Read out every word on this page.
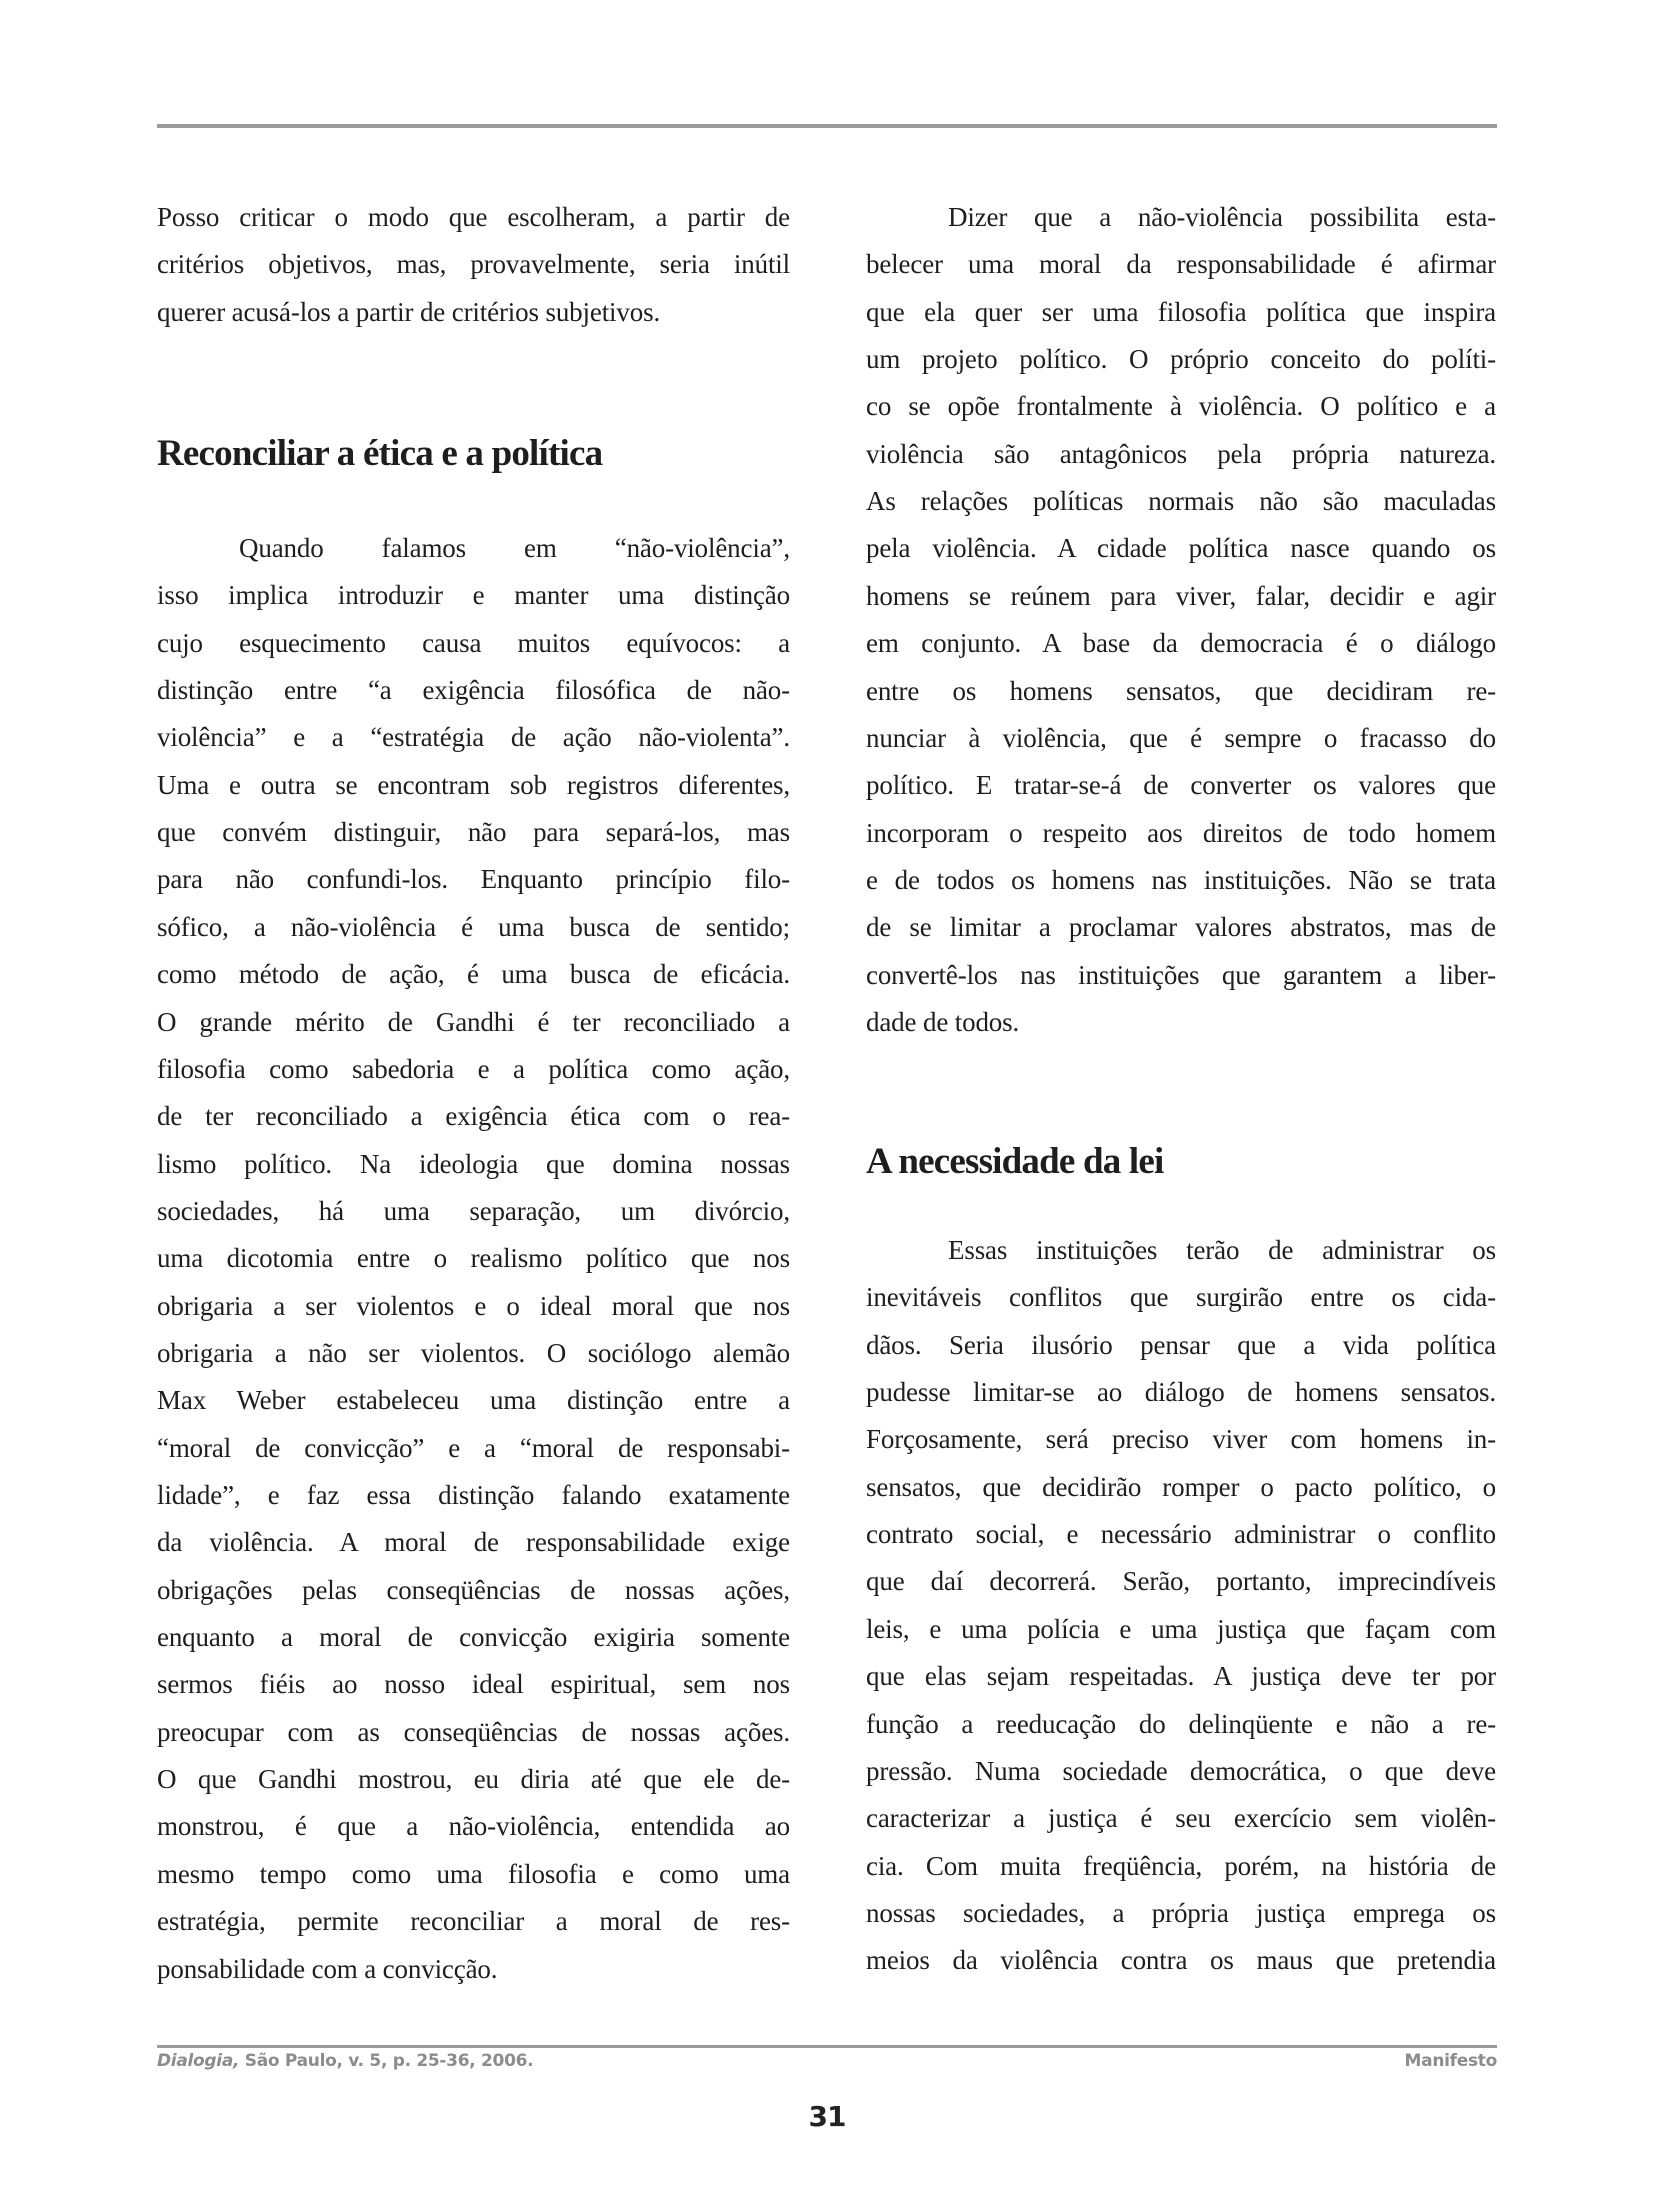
Posso criticar o modo que escolheram, a partir de
critérios objetivos, mas, provavelmente, seria inútil
querer acusá-los a partir de critérios subjetivos.
Reconciliar a ética e a política
Quando falamos em “não-violência”,
isso implica introduzir e manter uma distinção
cujo esquecimento causa muitos equívocos: a
distinção entre “a exigência filosófica de não-
violência” e a “estratégia de ação não-violenta”.
Uma e outra se encontram sob registros diferentes,
que convém distinguir, não para separá-los, mas
para não confundi-los. Enquanto princípio filo-
sófico, a não-violência é uma busca de sentido;
como método de ação, é uma busca de eficácia.
O grande mérito de Gandhi é ter reconciliado a
filosofia como sabedoria e a política como ação,
de ter reconciliado a exigência ética com o rea-
lismo político. Na ideologia que domina nossas
sociedades, há uma separação, um divórcio,
uma dicotomia entre o realismo político que nos
obrigaria a ser violentos e o ideal moral que nos
obrigaria a não ser violentos. O sociólogo alemão
Max Weber estabeleceu uma distinção entre a
“moral de convicção” e a “moral de responsabi-
lidade”, e faz essa distinção falando exatamente
da violência. A moral de responsabilidade exige
obrigações pelas conseqüências de nossas ações,
enquanto a moral de convicção exigiria somente
sermos fiéis ao nosso ideal espiritual, sem nos
preocupar com as conseqüências de nossas ações.
O que Gandhi mostrou, eu diria até que ele de-
monstrou, é que a não-violência, entendida ao
mesmo tempo como uma filosofia e como uma
estratégia, permite reconciliar a moral de res-
ponsabilidade com a convicção.
Dizer que a não-violência possibilita esta-
belecer uma moral da responsabilidade é afirmar
que ela quer ser uma filosofia política que inspira
um projeto político. O próprio conceito do políti-
co se opõe frontalmente à violência. O político e a
violência são antagônicos pela própria natureza.
As relações políticas normais não são maculadas
pela violência. A cidade política nasce quando os
homens se reúnem para viver, falar, decidir e agir
em conjunto. A base da democracia é o diálogo
entre os homens sensatos, que decidiram re-
nunciar à violência, que é sempre o fracasso do
político. E tratar-se-á de converter os valores que
incorporam o respeito aos direitos de todo homem
e de todos os homens nas instituições. Não se trata
de se limitar a proclamar valores abstratos, mas de
convertê-los nas instituições que garantem a liber-
dade de todos.
A necessidade da lei
Essas instituições terão de administrar os
inevitáveis conflitos que surgirão entre os cida-
dãos. Seria ilusório pensar que a vida política
pudesse limitar-se ao diálogo de homens sensatos.
Forçosamente, será preciso viver com homens in-
sensatos, que decidirão romper o pacto político, o
contrato social, e necessário administrar o conflito
que daí decorrerá. Serão, portanto, imprecindíveis
leis, e uma polícia e uma justiça que façam com
que elas sejam respeitadas. A justiça deve ter por
função a reeducação do delinqüente e não a re-
pressão. Numa sociedade democrática, o que deve
caracterizar a justiça é seu exercício sem violên-
cia. Com muita freqüência, porém, na história de
nossas sociedades, a própria justiça emprega os
meios da violência contra os maus que pretendia
Dialogia, São Paulo, v. 5, p. 25-36, 2006.	Manifesto
31
